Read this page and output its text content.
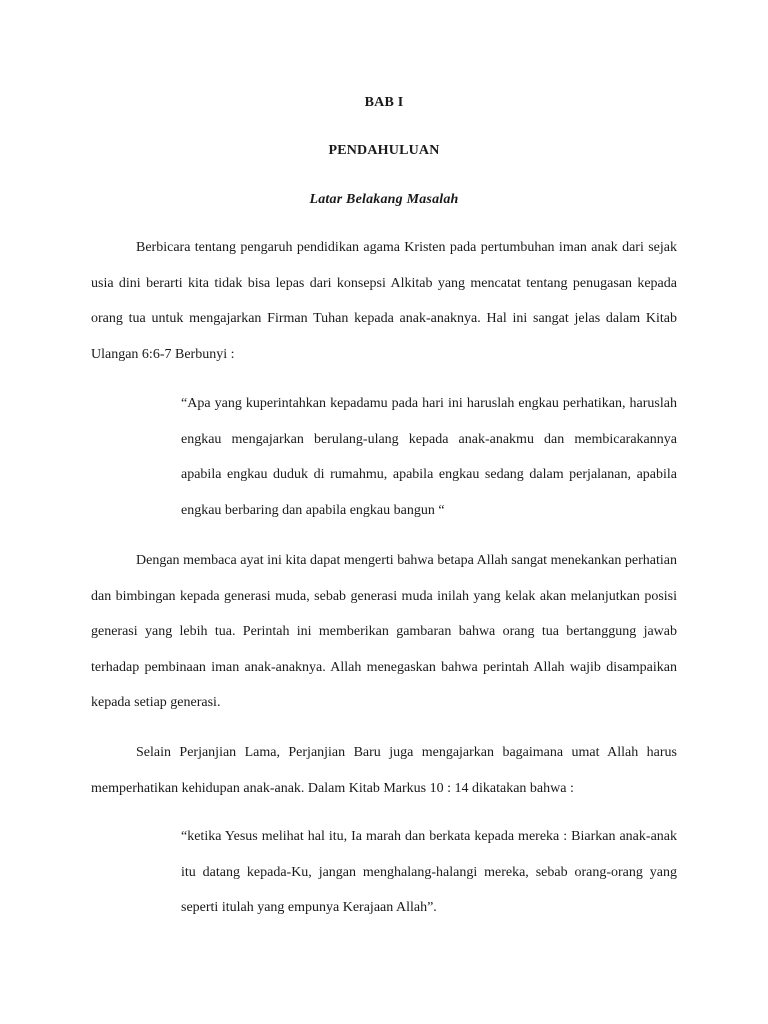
BAB I
PENDAHULUAN
Latar Belakang Masalah

Berbicara tentang pengaruh pendidikan agama Kristen pada pertumbuhan iman anak dari sejak usia dini berarti kita tidak bisa lepas dari konsepsi Alkitab yang mencatat tentang penugasan kepada orang tua untuk mengajarkan Firman Tuhan kepada anak-anaknya. Hal ini sangat jelas dalam Kitab Ulangan 6:6-7 Berbunyi :

“Apa yang kuperintahkan kepadamu pada hari ini haruslah engkau perhatikan, haruslah engkau mengajarkan berulang-ulang kepada anak-anakmu dan membicarakannya apabila engkau duduk di rumahmu, apabila engkau sedang dalam perjalanan, apabila engkau berbaring dan apabila engkau bangun “

Dengan membaca ayat ini kita dapat mengerti bahwa betapa Allah sangat menekankan perhatian dan bimbingan kepada generasi muda, sebab generasi muda inilah yang kelak akan melanjutkan posisi generasi yang lebih tua. Perintah ini memberikan gambaran bahwa orang tua bertanggung jawab terhadap pembinaan iman anak-anaknya. Allah menegaskan bahwa perintah Allah wajib disampaikan kepada setiap generasi.

Selain Perjanjian Lama, Perjanjian Baru juga mengajarkan bagaimana umat Allah harus memperhatikan kehidupan anak-anak. Dalam Kitab Markus 10 : 14 dikatakan bahwa :

“ketika Yesus melihat hal itu, Ia marah dan berkata kepada mereka : Biarkan anak-anak itu datang kepada-Ku, jangan menghalang-halangi mereka, sebab orang-orang yang seperti itulah yang empunya Kerajaan Allah”.
